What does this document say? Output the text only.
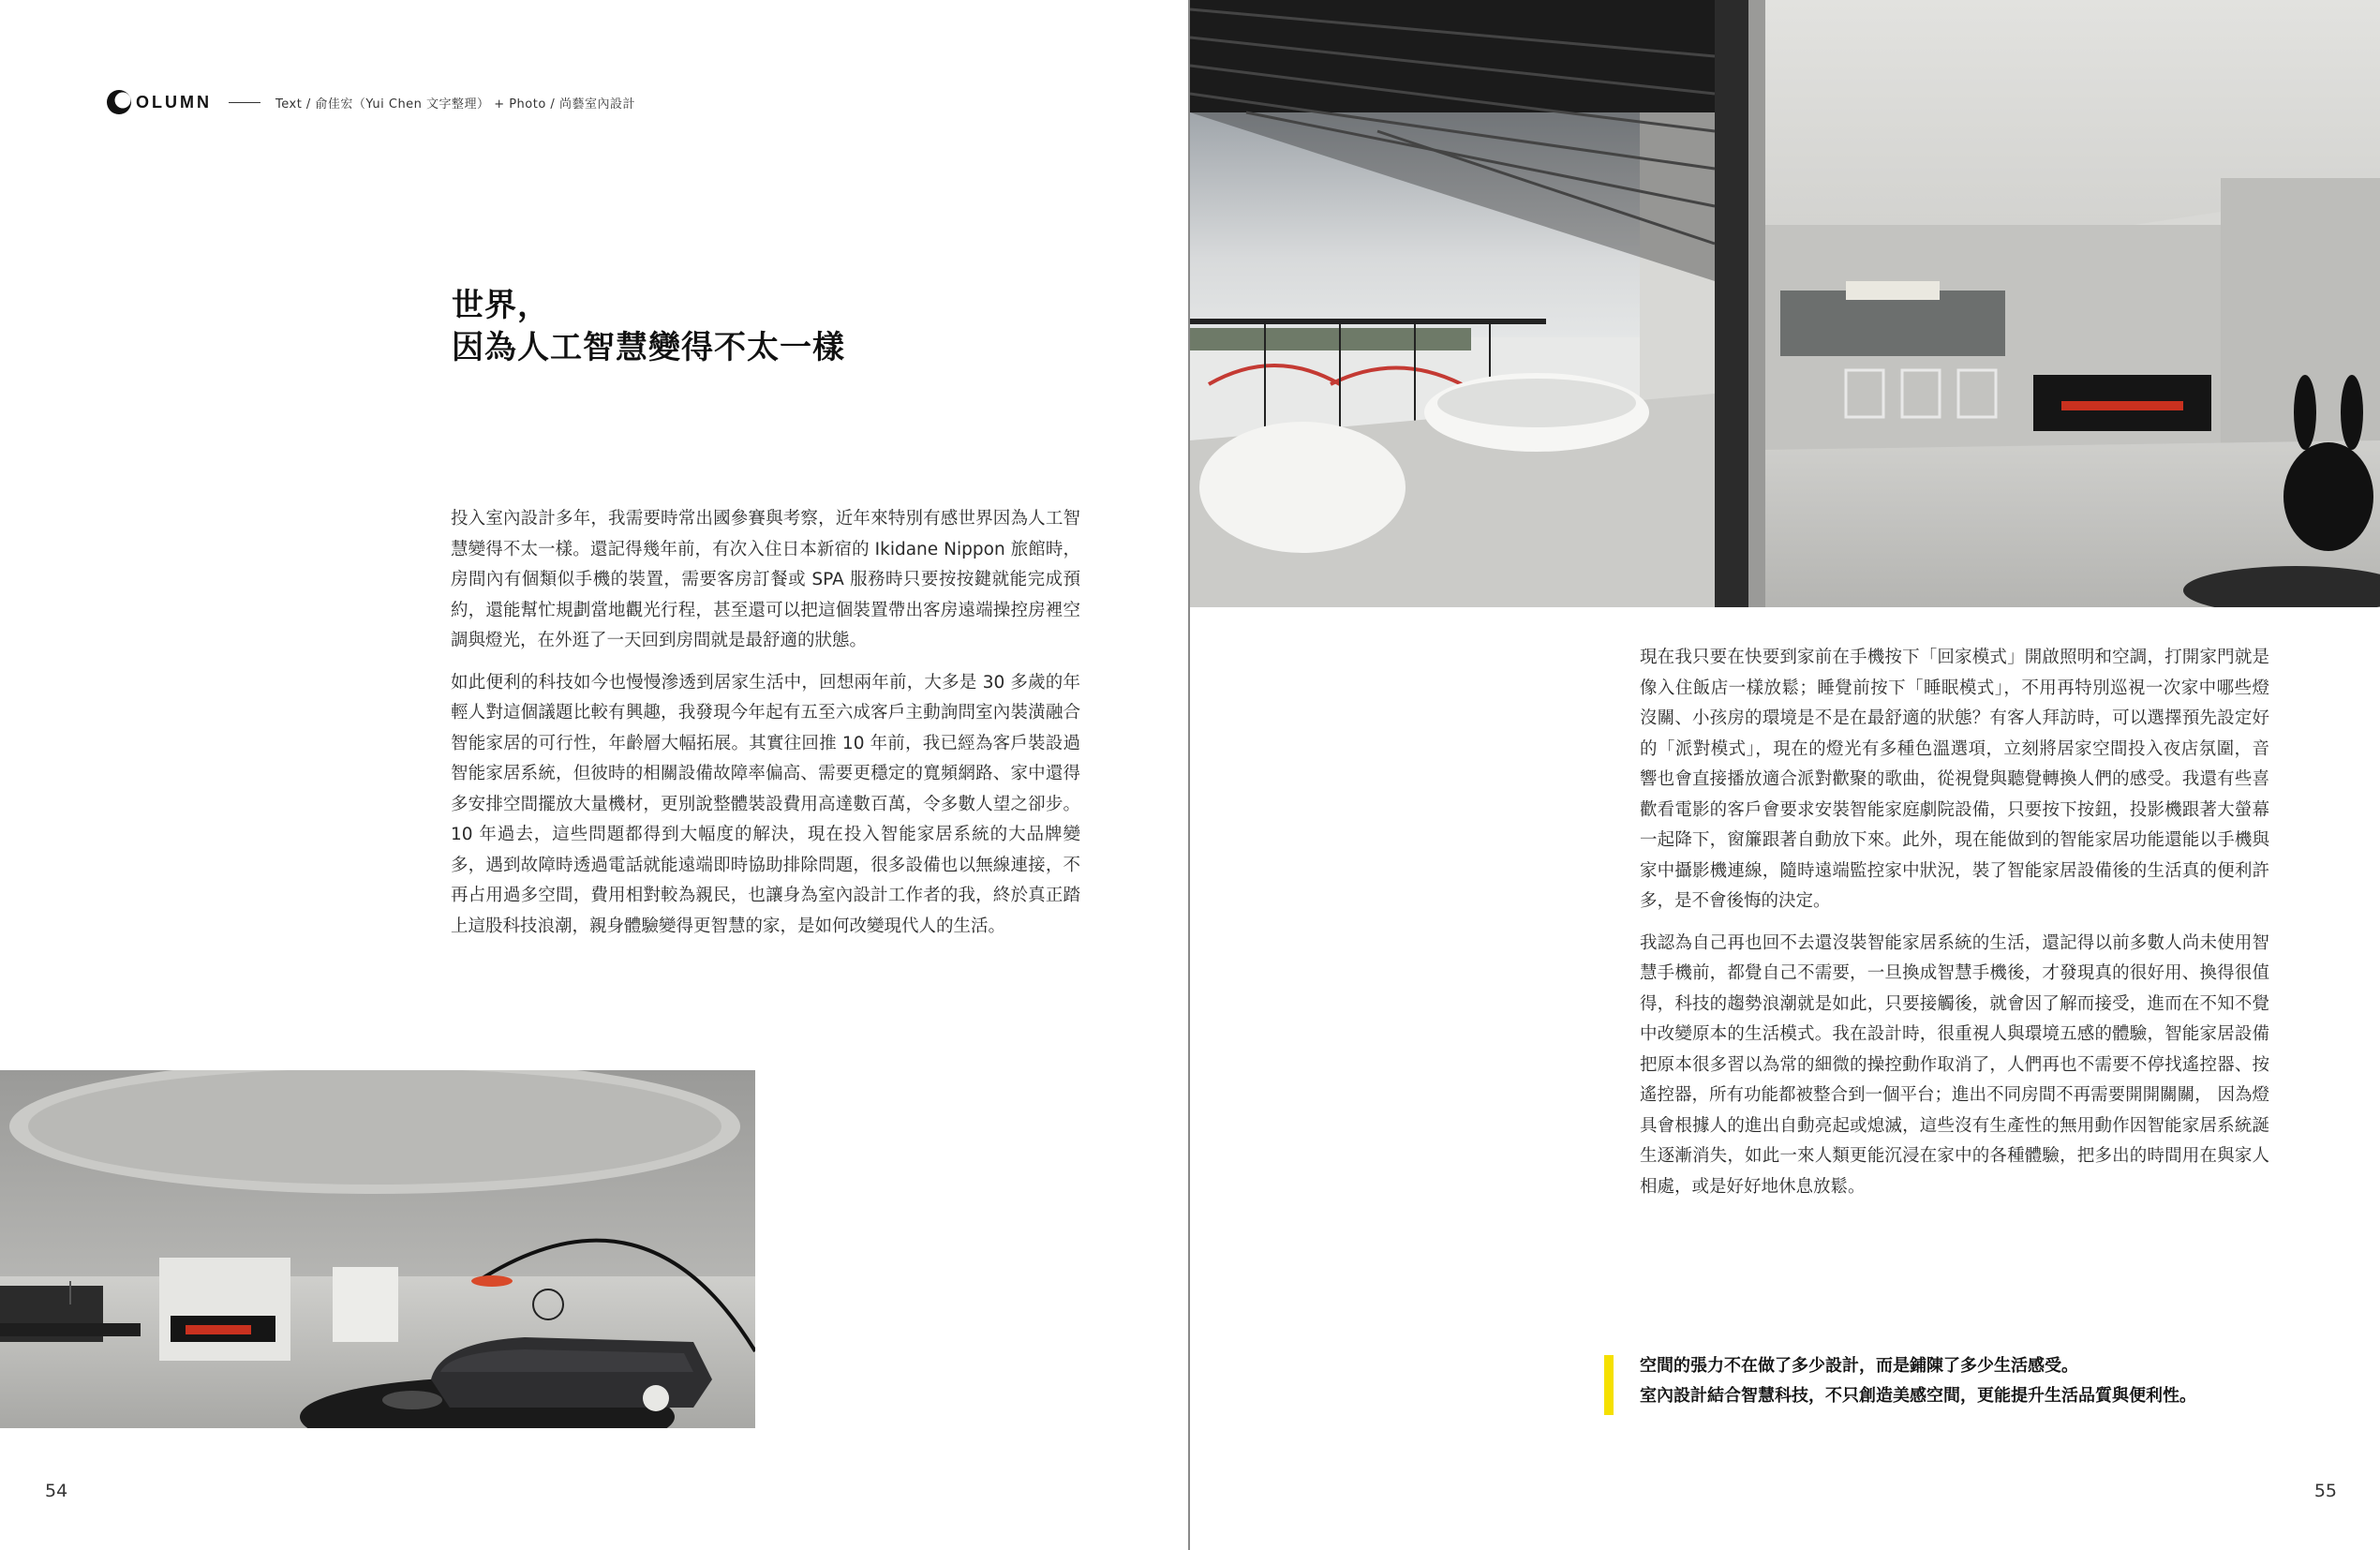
OLUMN	Text / 俞佳宏（Yui Chen 文字整理） + Photo / 尚藝室內設計
世界，
因為人工智慧變得不太一樣

投入室內設計多年，我需要時常出國參賽與考察，近年來特別有感世界因為人工智慧變得不太一樣。還記得幾年前，有次入住日本新宿的 Ikidane Nippon 旅館時，房間內有個類似手機的裝置，需要客房訂餐或 SPA 服務時只要按按鍵就能完成預約，還能幫忙規劃當地觀光行程，甚至還可以把這個裝置帶出客房遠端操控房裡空調與燈光，在外逛了一天回到房間就是最舒適的狀態。

如此便利的科技如今也慢慢滲透到居家生活中，回想兩年前，大多是 30 多歲的年輕人對這個議題比較有興趣，我發現今年起有五至六成客戶主動詢問室內裝潢融合智能家居的可行性，年齡層大幅拓展。其實往回推 10 年前，我已經為客戶裝設過智能家居系統，但彼時的相關設備故障率偏高、需要更穩定的寬頻網路、家中還得多安排空間擺放大量機材，更別說整體裝設費用高達數百萬，令多數人望之卻步。10 年過去，這些問題都得到大幅度的解決，現在投入智能家居系統的大品牌變多，遇到故障時透過電話就能遠端即時協助排除問題，很多設備也以無線連接，不再占用過多空間，費用相對較為親民，也讓身為室內設計工作者的我，終於真正踏上這股科技浪潮，親身體驗變得更智慧的家，是如何改變現代人的生活。

54

現在我只要在快要到家前在手機按下「回家模式」開啟照明和空調，打開家門就是像入住飯店一樣放鬆；睡覺前按下「睡眠模式」，不用再特別巡視一次家中哪些燈沒關、小孩房的環境是不是在最舒適的狀態？有客人拜訪時，可以選擇預先設定好的「派對模式」，現在的燈光有多種色溫選項，立刻將居家空間投入夜店氛圍，音響也會直接播放適合派對歡聚的歌曲，從視覺與聽覺轉換人們的感受。我還有些喜歡看電影的客戶會要求安裝智能家庭劇院設備，只要按下按鈕，投影機跟著大螢幕一起降下，窗簾跟著自動放下來。此外，現在能做到的智能家居功能還能以手機與家中攝影機連線，隨時遠端監控家中狀況，裝了智能家居設備後的生活真的便利許多，是不會後悔的決定。

我認為自己再也回不去還沒裝智能家居系統的生活，還記得以前多數人尚未使用智慧手機前，都覺自己不需要，一旦換成智慧手機後，才發現真的很好用、換得很值得，科技的趨勢浪潮就是如此，只要接觸後，就會因了解而接受，進而在不知不覺中改變原本的生活模式。我在設計時，很重視人與環境五感的體驗，智能家居設備把原本很多習以為常的細微的操控動作取消了，人們再也不需要不停找遙控器、按遙控器，所有功能都被整合到一個平台；進出不同房間不再需要開開關關， 因為燈具會根據人的進出自動亮起或熄滅，這些沒有生產性的無用動作因智能家居系統誕生逐漸消失，如此一來人類更能沉浸在家中的各種體驗，把多出的時間用在與家人相處，或是好好地休息放鬆。

空間的張力不在做了多少設計，而是鋪陳了多少生活感受。
室內設計結合智慧科技，不只創造美感空間，更能提升生活品質與便利性。
55
